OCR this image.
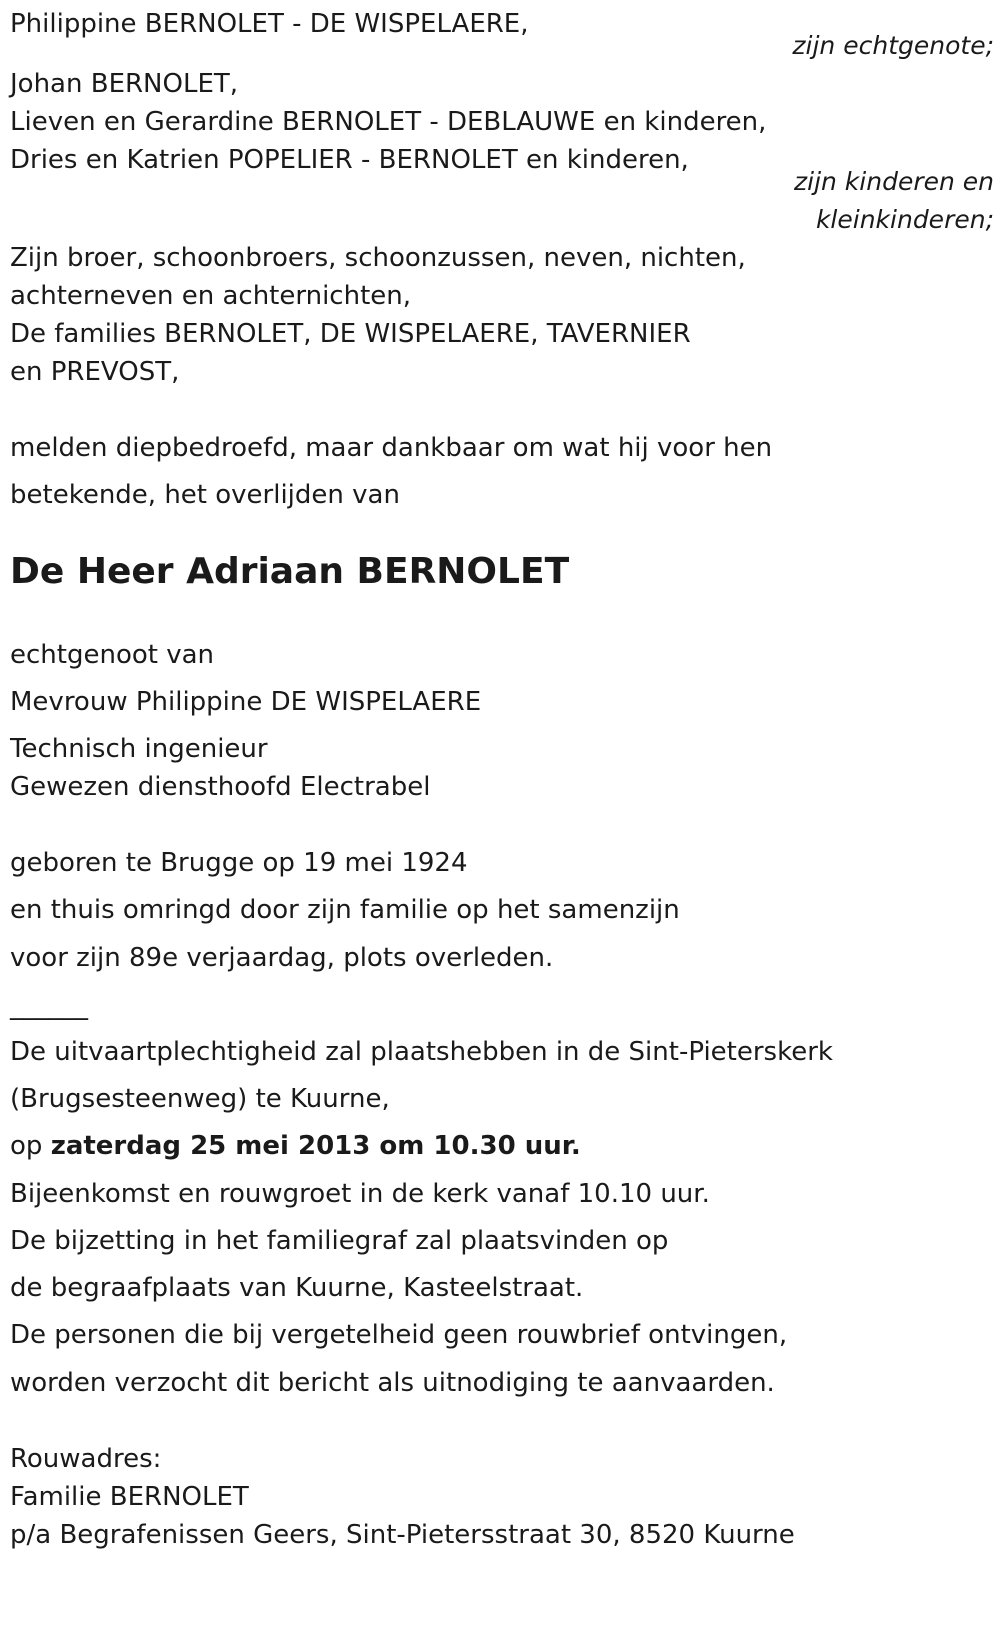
Philippine BERNOLET - DE WISPELAERE,
zijn echtgenote;
Johan BERNOLET,
Lieven en Gerardine BERNOLET - DEBLAUWE en kinderen,
Dries en Katrien POPELIER - BERNOLET en kinderen,
zijn kinderen en
kleinkinderen;
Zijn broer, schoonbroers, schoonzussen, neven, nichten,
achterneven en achternichten,
De families BERNOLET, DE WISPELAERE, TAVERNIER
en PREVOST,
melden diepbedroefd, maar dankbaar om wat hij voor hen
betekende, het overlijden van
De Heer Adriaan BERNOLET
echtgenoot van
Mevrouw Philippine DE WISPELAERE
Technisch ingenieur
Gewezen diensthoofd Electrabel
geboren te Brugge op 19 mei 1924
en thuis omringd door zijn familie op het samenzijn
voor zijn 89e verjaardag, plots overleden.
______
De uitvaartplechtigheid zal plaatshebben in de Sint-Pieterskerk
(Brugsesteenweg) te Kuurne,
op zaterdag 25 mei 2013 om 10.30 uur.
Bijeenkomst en rouwgroet in de kerk vanaf 10.10 uur.
De bijzetting in het familiegraf zal plaatsvinden op
de begraafplaats van Kuurne, Kasteelstraat.
De personen die bij vergetelheid geen rouwbrief ontvingen,
worden verzocht dit bericht als uitnodiging te aanvaarden.
Rouwadres:
Familie BERNOLET
p/a Begrafenissen Geers, Sint-Pietersstraat 30, 8520 Kuurne
